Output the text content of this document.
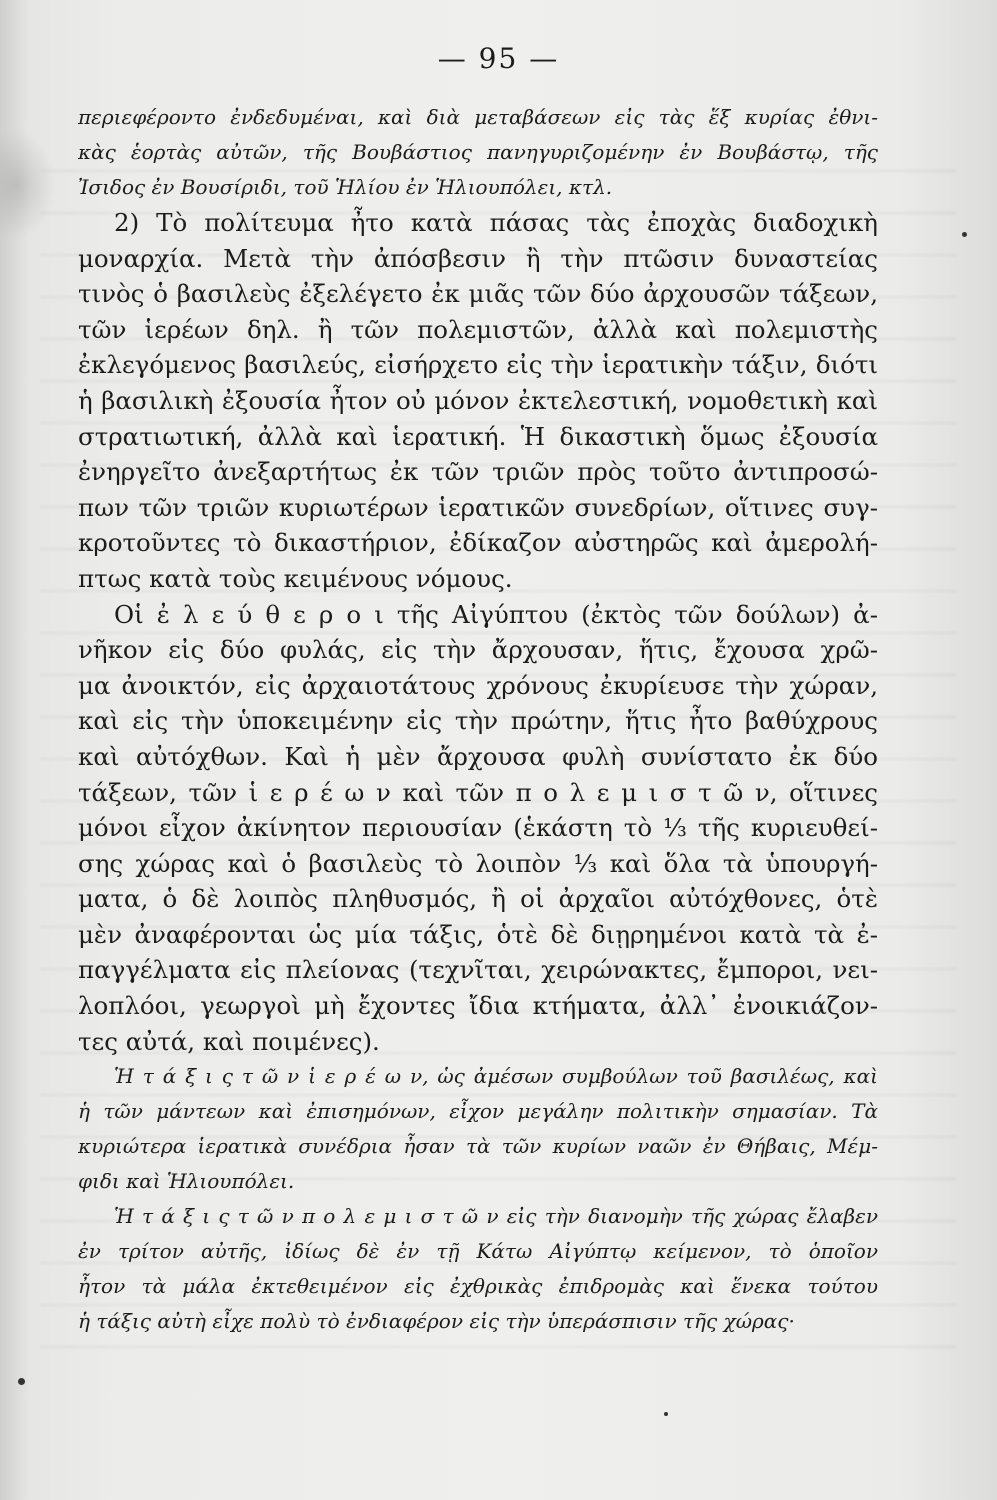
— 95 —
περιεφέροντο ἐνδεδυμέναι, καὶ διὰ μεταβάσεων εἰς τὰς ἕξ κυρίας ἐθνι-
κὰς ἑορτὰς αὐτῶν, τῆς Βουβάστιος πανηγυριζομένην ἐν Βουβάστῳ, τῆς
Ἰσιδος ἐν Βουσίριδι, τοῦ Ἡλίου ἐν Ἡλιουπόλει, κτλ.
2) Τὸ πολίτευμα ἦτο κατὰ πάσας τὰς ἐποχὰς διαδοχικὴ
μοναρχία. Μετὰ τὴν ἀπόσβεσιν ἢ τὴν πτῶσιν δυναστείας
τινὸς ὁ βασιλεὺς ἐξελέγετο ἐκ μιᾶς τῶν δύο ἀρχουσῶν τάξεων,
τῶν ἱερέων δηλ. ἢ τῶν πολεμιστῶν, ἀλλὰ καὶ πολεμιστὴς
ἐκλεγόμενος βασιλεύς, εἰσήρχετο εἰς τὴν ἱερατικὴν τάξιν, διότι
ἡ βασιλικὴ ἐξουσία ἦτον οὐ μόνον ἐκτελεστική, νομοθετικὴ καὶ
στρατιωτική, ἀλλὰ καὶ ἱερατική. Ἡ δικαστικὴ ὅμως ἐξουσία
ἐνηργεῖτο ἀνεξαρτήτως ἐκ τῶν τριῶν πρὸς τοῦτο ἀντιπροσώ-
πων τῶν τριῶν κυριωτέρων ἱερατικῶν συνεδρίων, οἵτινες συγ-
κροτοῦντες τὸ δικαστήριον, ἐδίκαζον αὐστηρῶς καὶ ἀμερολή-
πτως κατὰ τοὺς κειμένους νόμους.
Οἱ ἐ λ ε ύ θ ε ρ ο ι τῆς Αἰγύπτου (ἐκτὸς τῶν δούλων) ἀ-
νῆκον εἰς δύο φυλάς, εἰς τὴν ἄρχουσαν, ἥτις, ἔχουσα χρῶ-
μα ἀνοικτόν, εἰς ἀρχαιοτάτους χρόνους ἐκυρίευσε τὴν χώραν,
καὶ εἰς τὴν ὑποκειμένην εἰς τὴν πρώτην, ἥτις ἦτο βαθύχρους
καὶ αὐτόχθων. Καὶ ἡ μὲν ἄρχουσα φυλὴ συνίστατο ἐκ δύο
τάξεων, τῶν ἱ ε ρ έ ω ν καὶ τῶν π ο λ ε μ ι σ τ ῶ ν, οἵτινες
μόνοι εἶχον ἀκίνητον περιουσίαν (ἑκάστη τὸ ⅓ τῆς κυριευθεί-
σης χώρας καὶ ὁ βασιλεὺς τὸ λοιπὸν ⅓ καὶ ὅλα τὰ ὑπουργή-
ματα, ὁ δὲ λοιπὸς πληθυσμός, ἢ οἱ ἀρχαῖοι αὐτόχθονες, ὁτὲ
μὲν ἀναφέρονται ὡς μία τάξις, ὁτὲ δὲ διῃρημένοι κατὰ τὰ ἐ-
παγγέλματα εἰς πλείονας (τεχνῖται, χειρώνακτες, ἔμποροι, νει-
λοπλόοι, γεωργοὶ μὴ ἔχοντες ἴδια κτήματα, ἀλλ᾽ ἐνοικιάζον-
τες αὐτά, καὶ ποιμένες).
Ἡ τ ά ξ ι ς τ ῶ ν ἱ ε ρ έ ω ν, ὡς ἀμέσων συμβούλων τοῦ βασιλέως, καὶ
ἡ τῶν μάντεων καὶ ἐπισημόνων, εἶχον μεγάλην πολιτικὴν σημασίαν. Τὰ
κυριώτερα ἱερατικὰ συνέδρια ἦσαν τὰ τῶν κυρίων ναῶν ἐν Θήβαις, Μέμ-
φιδι καὶ Ἡλιουπόλει.
Ἡ τ ά ξ ι ς τ ῶ ν π ο λ ε μ ι σ τ ῶ ν εἰς τὴν διανομὴν τῆς χώρας ἔλαβεν
ἐν τρίτον αὐτῆς, ἰδίως δὲ ἐν τῇ Κάτω Αἰγύπτῳ κείμενον, τὸ ὁποῖον
ἦτον τὰ μάλα ἐκτεθειμένον εἰς ἐχθρικὰς ἐπιδρομὰς καὶ ἕνεκα τούτου
ἡ τάξις αὐτὴ εἶχε πολὺ τὸ ἐνδιαφέρον εἰς τὴν ὑπεράσπισιν τῆς χώρας·
